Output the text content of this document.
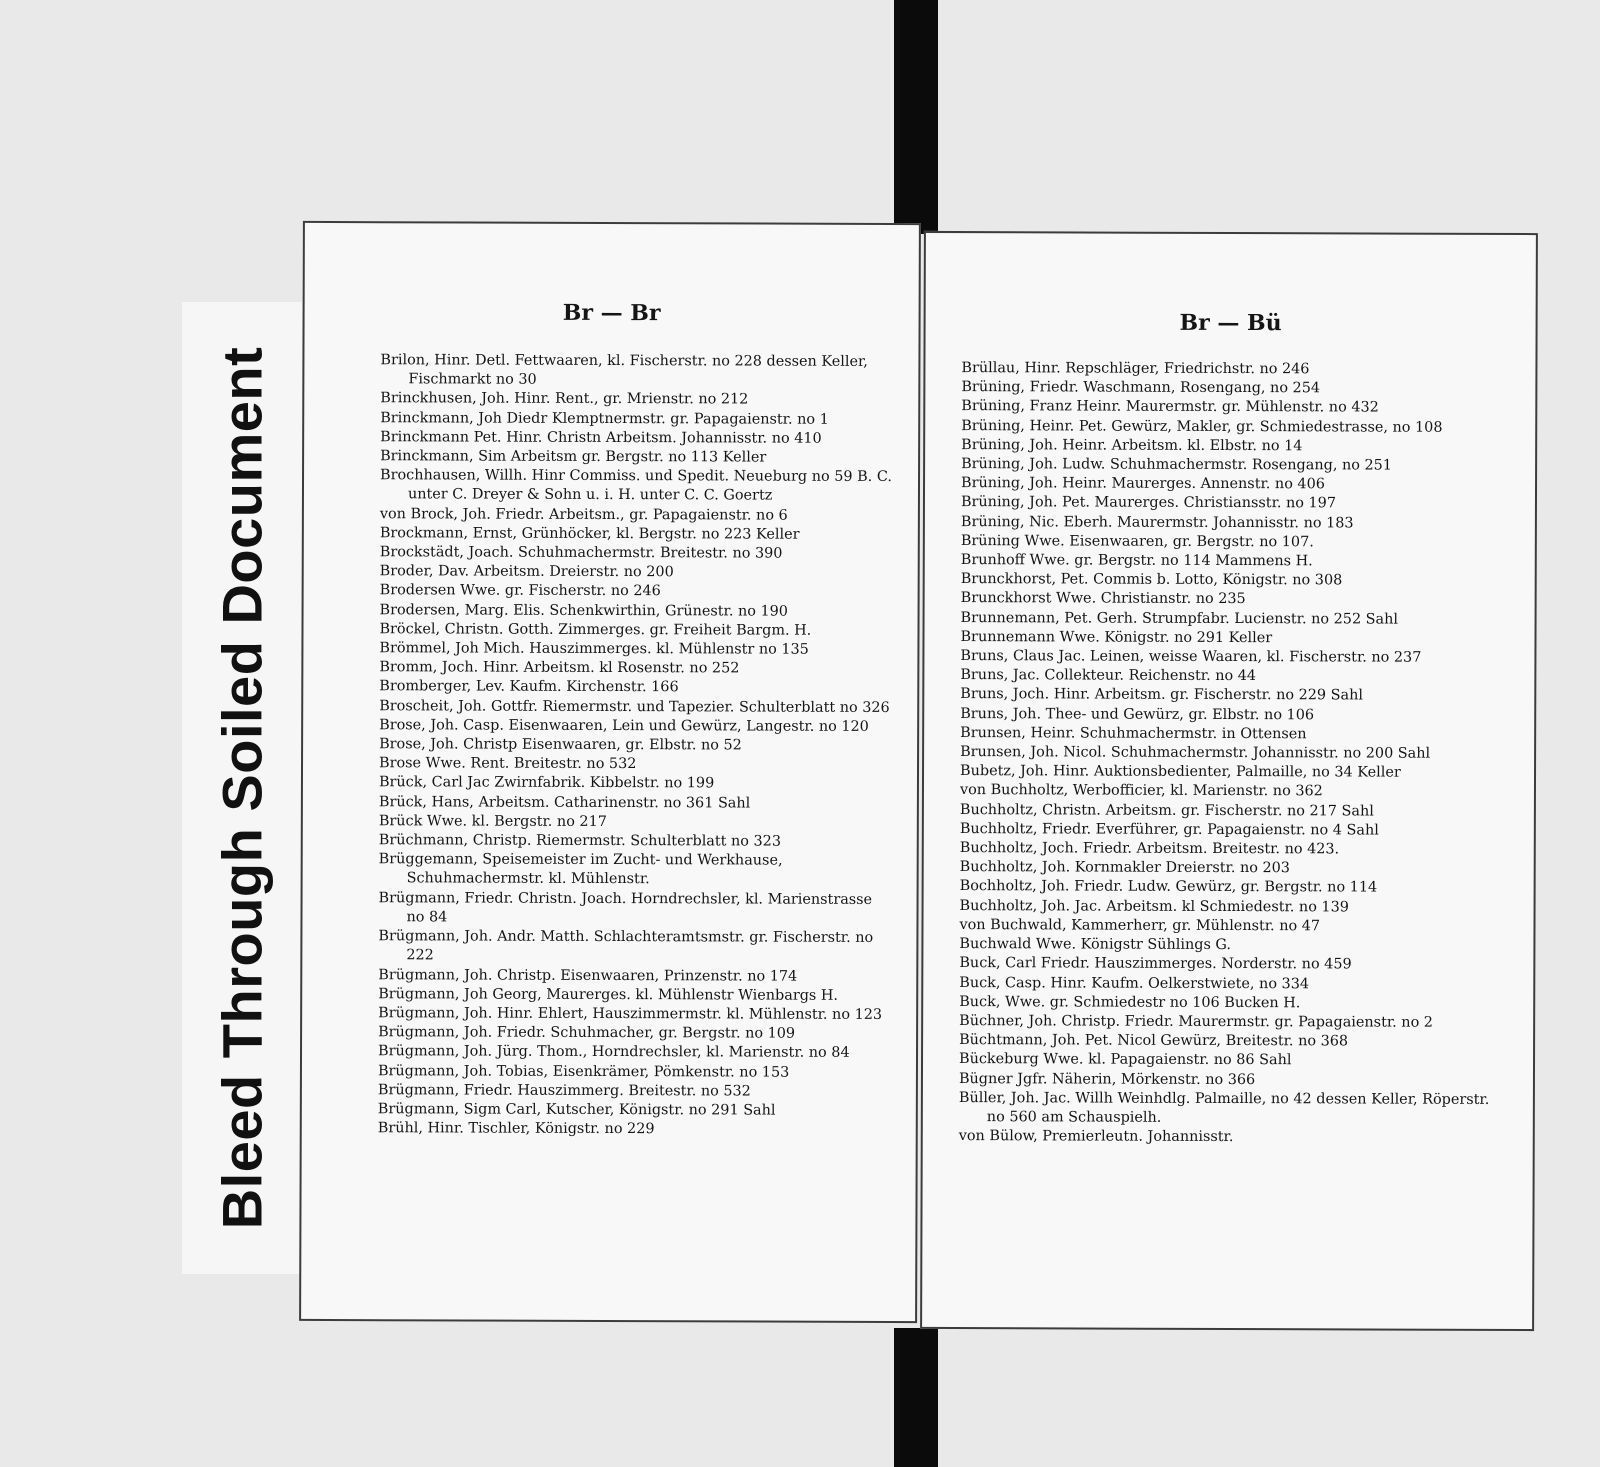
Bleed Through Soiled Document
Br — Br
Brilon, Hinr. Detl. Fettwaaren, kl. Fischerstr. no 228 dessen Keller, Fischmarkt no 30
Brinckhusen, Joh. Hinr. Rent., gr. Mrienstr. no 212
Brinckmann, Joh Diedr Klemptnermstr. gr. Papagaienstr. no 1
Brinckmann Pet. Hinr. Christn Arbeitsm. Johannisstr. no 410
Brinckmann, Sim Arbeitsm gr. Bergstr. no 113 Keller
Brochhausen, Willh. Hinr Commiss. und Spedit. Neueburg no 59 B. C. unter C. Dreyer & Sohn u. i. H. unter C. C. Goertz
von Brock, Joh. Friedr. Arbeitsm., gr. Papagaienstr. no 6
Brockmann, Ernst, Grünhöcker, kl. Bergstr. no 223 Keller
Brockstädt, Joach. Schuhmachermstr. Breitestr. no 390
Broder, Dav. Arbeitsm. Dreierstr. no 200
Brodersen Wwe. gr. Fischerstr. no 246
Brodersen, Marg. Elis. Schenkwirthin, Grünestr. no 190
Bröckel, Christn. Gotth. Zimmerges. gr. Freiheit Bargm. H.
Brömmel, Joh Mich. Hauszimmerges. kl. Mühlenstr no 135
Bromm, Joch. Hinr. Arbeitsm. kl Rosenstr. no 252
Bromberger, Lev. Kaufm. Kirchenstr. 166
Broscheit, Joh. Gottfr. Riemermstr. und Tapezier. Schulterblatt no 326
Brose, Joh. Casp. Eisenwaaren, Lein und Gewürz, Langestr. no 120
Brose, Joh. Christp Eisenwaaren, gr. Elbstr. no 52
Brose Wwe. Rent. Breitestr. no 532
Brück, Carl Jac Zwirnfabrik. Kibbelstr. no 199
Brück, Hans, Arbeitsm. Catharinenstr. no 361 Sahl
Brück Wwe. kl. Bergstr. no 217
Brüchmann, Christp. Riemermstr. Schulterblatt no 323
Brüggemann, Speisemeister im Zucht- und Werkhause, Schuhmachermstr. kl. Mühlenstr.
Brügmann, Friedr. Christn. Joach. Horndrechsler, kl. Marienstrasse no 84
Brügmann, Joh. Andr. Matth. Schlachteramtsmstr. gr. Fischerstr. no 222
Brügmann, Joh. Christp. Eisenwaaren, Prinzenstr. no 174
Brügmann, Joh Georg, Maurerges. kl. Mühlenstr Wienbargs H.
Brügmann, Joh. Hinr. Ehlert, Hauszimmermstr. kl. Mühlenstr. no 123
Brügmann, Joh. Friedr. Schuhmacher, gr. Bergstr. no 109
Brügmann, Joh. Jürg. Thom., Horndrechsler, kl. Marienstr. no 84
Brügmann, Joh. Tobias, Eisenkrämer, Pömkenstr. no 153
Brügmann, Friedr. Hauszimmerg. Breitestr. no 532
Brügmann, Sigm Carl, Kutscher, Königstr. no 291 Sahl
Brühl, Hinr. Tischler, Königstr. no 229
Br — Bü
Brüllau, Hinr. Repschläger, Friedrichstr. no 246
Brüning, Friedr. Waschmann, Rosengang, no 254
Brüning, Franz Heinr. Maurermstr. gr. Mühlenstr. no 432
Brüning, Heinr. Pet. Gewürz, Makler, gr. Schmiedestrasse, no 108
Brüning, Joh. Heinr. Arbeitsm. kl. Elbstr. no 14
Brüning, Joh. Ludw. Schuhmachermstr. Rosengang, no 251
Brüning, Joh. Heinr. Maurerges. Annenstr. no 406
Brüning, Joh. Pet. Maurerges. Christiansstr. no 197
Brüning, Nic. Eberh. Maurermstr. Johannisstr. no 183
Brüning Wwe. Eisenwaaren, gr. Bergstr. no 107.
Brunhoff Wwe. gr. Bergstr. no 114 Mammens H.
Brunckhorst, Pet. Commis b. Lotto, Königstr. no 308
Brunckhorst Wwe. Christianstr. no 235
Brunnemann, Pet. Gerh. Strumpfabr. Lucienstr. no 252 Sahl
Brunnemann Wwe. Königstr. no 291 Keller
Bruns, Claus Jac. Leinen, weisse Waaren, kl. Fischerstr. no 237
Bruns, Jac. Collekteur. Reichenstr. no 44
Bruns, Joch. Hinr. Arbeitsm. gr. Fischerstr. no 229 Sahl
Bruns, Joh. Thee- und Gewürz, gr. Elbstr. no 106
Brunsen, Heinr. Schuhmachermstr. in Ottensen
Brunsen, Joh. Nicol. Schuhmachermstr. Johannisstr. no 200 Sahl
Bubetz, Joh. Hinr. Auktionsbedienter, Palmaille, no 34 Keller
von Buchholtz, Werbofficier, kl. Marienstr. no 362
Buchholtz, Christn. Arbeitsm. gr. Fischerstr. no 217 Sahl
Buchholtz, Friedr. Everführer, gr. Papagaienstr. no 4 Sahl
Buchholtz, Joch. Friedr. Arbeitsm. Breitestr. no 423.
Buchholtz, Joh. Kornmakler Dreierstr. no 203
Bochholtz, Joh. Friedr. Ludw. Gewürz, gr. Bergstr. no 114
Buchholtz, Joh. Jac. Arbeitsm. kl Schmiedestr. no 139
von Buchwald, Kammerherr, gr. Mühlenstr. no 47
Buchwald Wwe. Königstr Sühlings G.
Buck, Carl Friedr. Hauszimmerges. Norderstr. no 459
Buck, Casp. Hinr. Kaufm. Oelkerstwiete, no 334
Buck, Wwe. gr. Schmiedestr no 106 Bucken H.
Büchner, Joh. Christp. Friedr. Maurermstr. gr. Papagaienstr. no 2
Büchtmann, Joh. Pet. Nicol Gewürz, Breitestr. no 368
Bückeburg Wwe. kl. Papagaienstr. no 86 Sahl
Bügner Jgfr. Näherin, Mörkenstr. no 366
Büller, Joh. Jac. Willh Weinhdlg. Palmaille, no 42 dessen Keller, Röperstr. no 560 am Schauspielh.
von Bülow, Premierleutn. Johannisstr.
